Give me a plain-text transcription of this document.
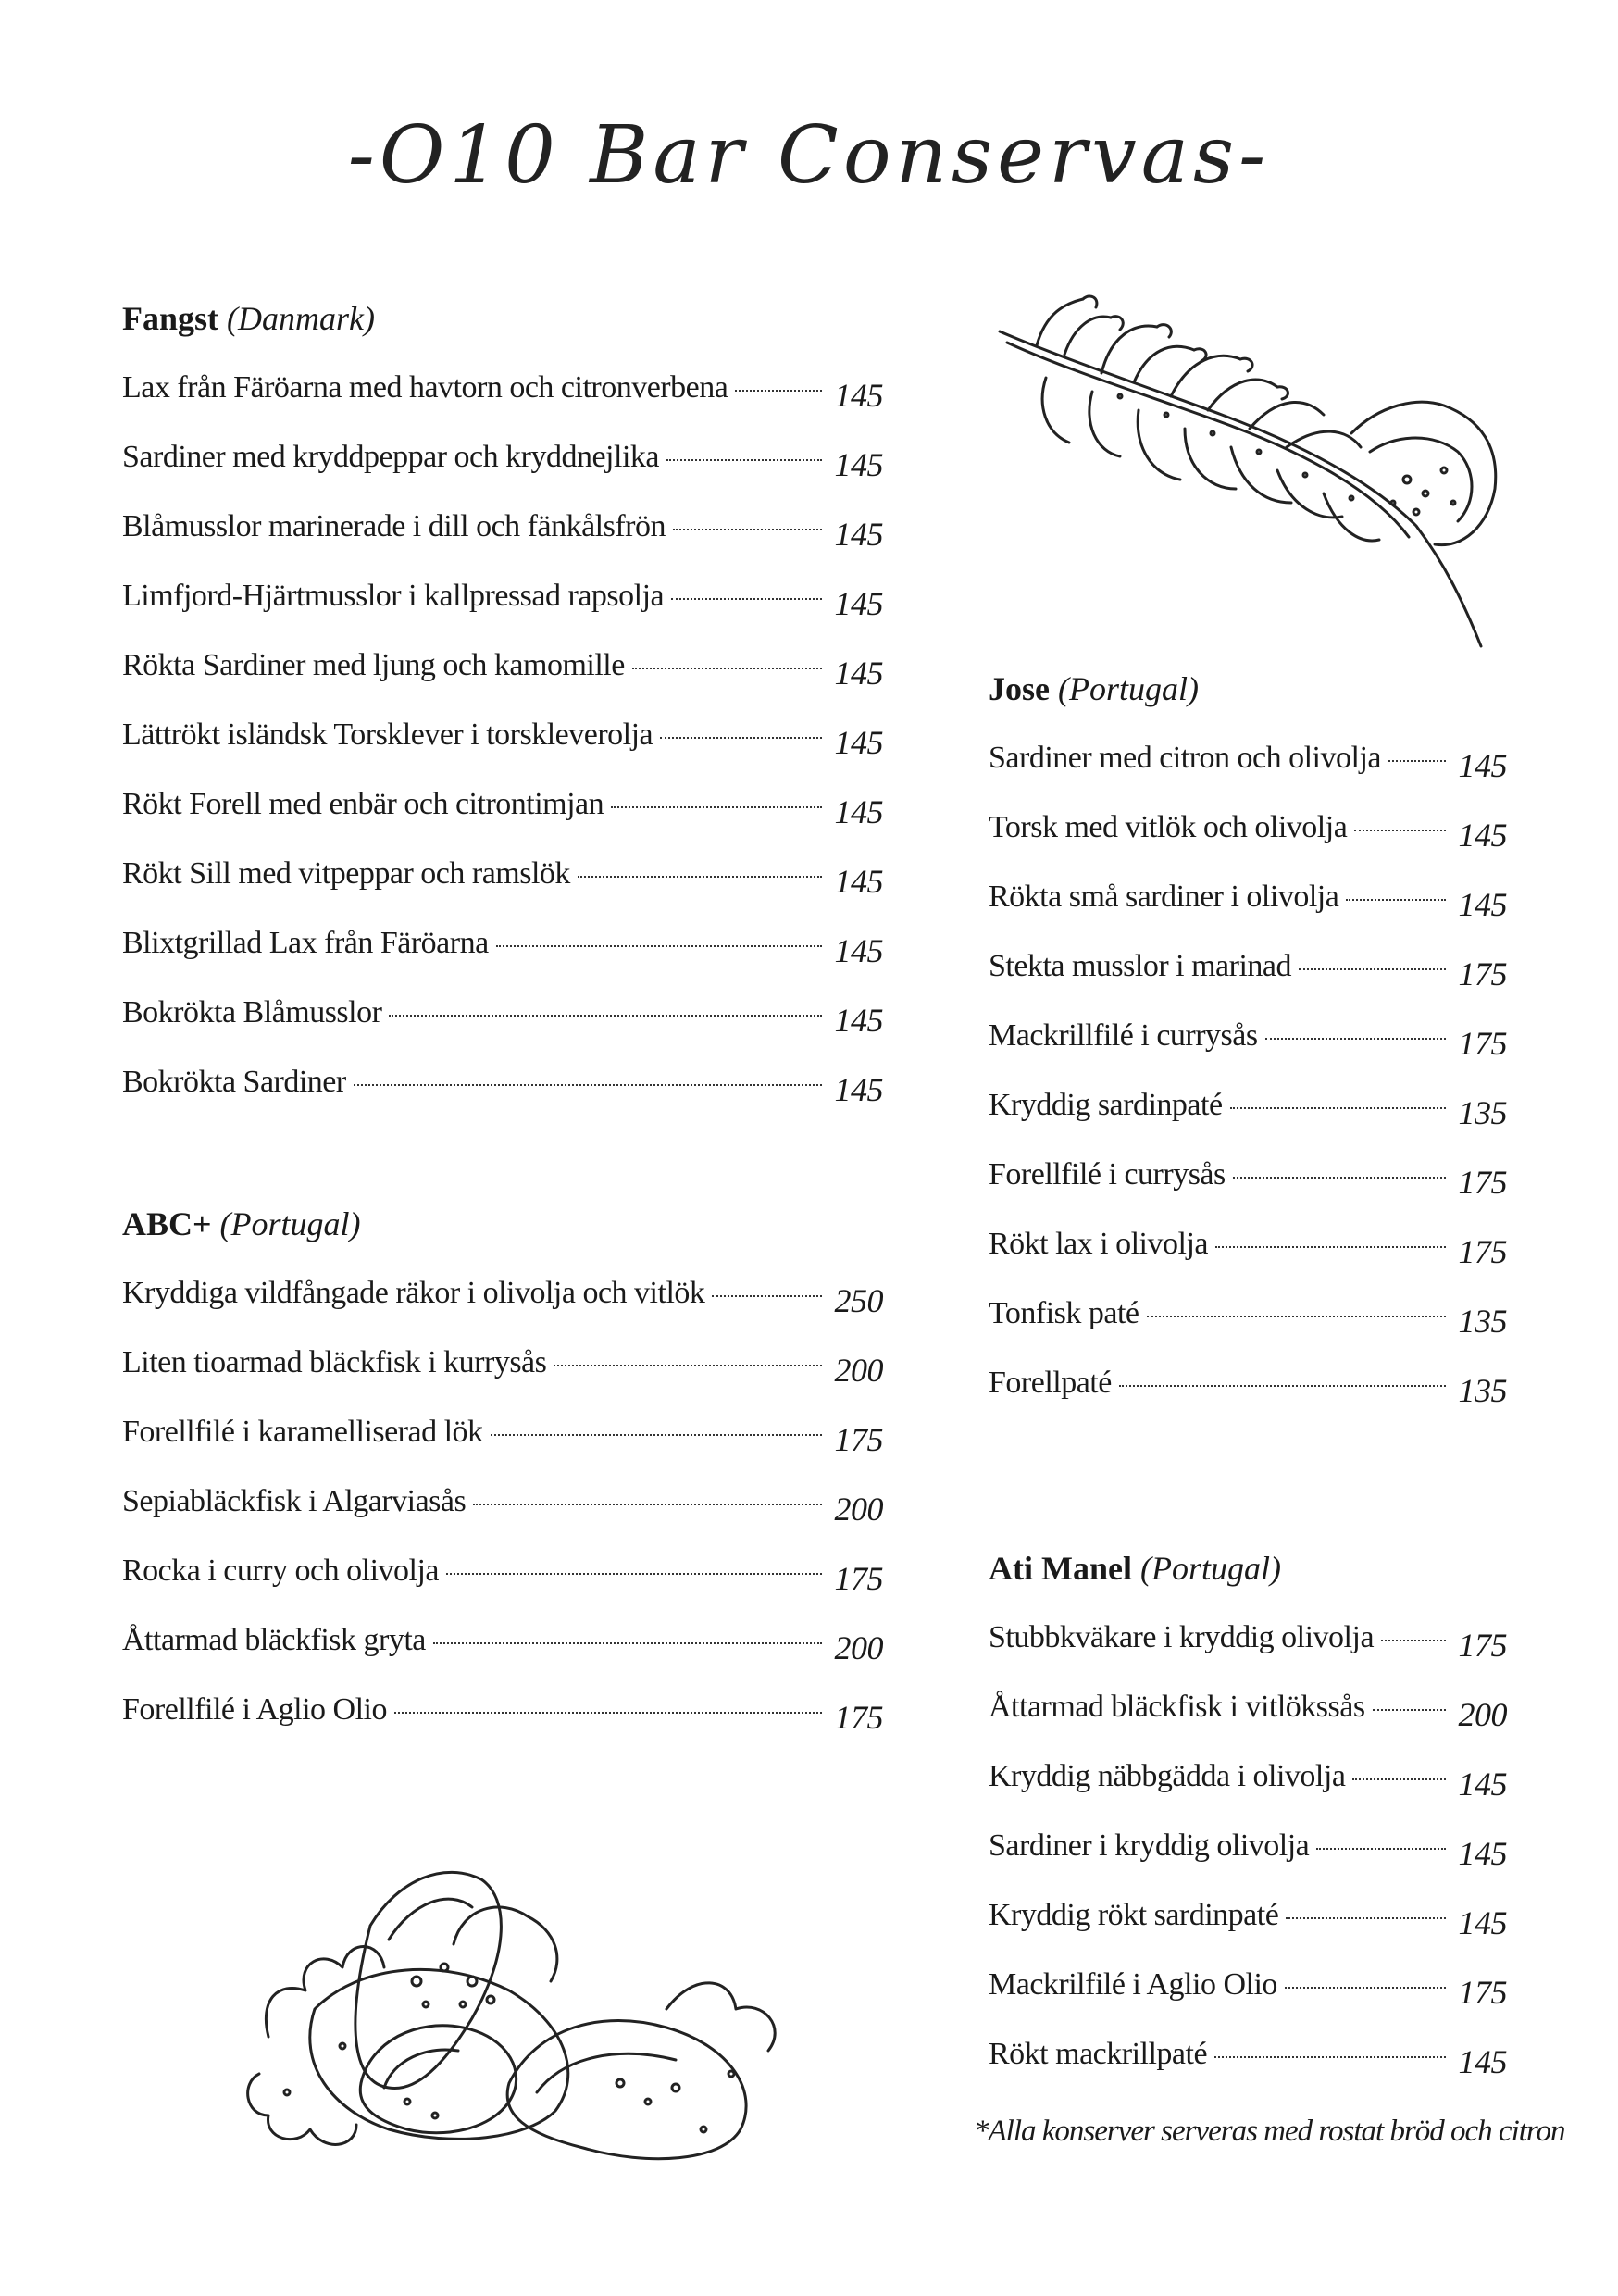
-O10 Bar Conservas-
Fangst (Danmark)
Lax från Färöarna med havtorn och citronverbena	145
Sardiner med kryddpeppar och kryddnejlika	145
Blåmusslor marinerade i dill och fänkålsfrön	145
Limfjord-Hjärtmusslor i kallpressad rapsolja	145
Rökta Sardiner med ljung och kamomille	145
Lättrökt isländsk Torsklever i torskleverolja	145
Rökt Forell med enbär och citrontimjan	145
Rökt Sill med vitpeppar och ramslök	145
Blixtgrillad Lax från Färöarna	145
Bokrökta Blåmusslor	145
Bokrökta Sardiner	145
ABC+ (Portugal)
Kryddiga vildfångade räkor i olivolja och vitlök	250
Liten tioarmad bläckfisk i kurrysås	200
Forellfilé i karamelliserad lök	175
Sepiabläckfisk i Algarviasås	200
Rocka i curry och olivolja	175
Åttarmad bläckfisk gryta	200
Forellfilé i Aglio Olio	175
Jose (Portugal)
Sardiner med citron och olivolja 145
Torsk med vitlök och olivolja	145
Rökta små sardiner i olivolja	145
Stekta musslor i marinad	175
Mackrillfilé i currysås	175
Kryddig sardinpaté	135
Forellfilé i currysås	175
Rökt lax i olivolja	175
Tonfisk paté	135
Forellpaté	135
Ati Manel (Portugal)
Stubbkväkare i kryddig olivolja	175
Åttarmad bläckfisk i vitlökssås	200
Kryddig näbbgädda i olivolja	145
Sardiner i kryddig olivolja	145
Kryddig rökt sardinpaté	145
Mackrilfilé i Aglio Olio	175
Rökt mackrillpaté	145
*Alla konserver serveras med rostat bröd och citron
